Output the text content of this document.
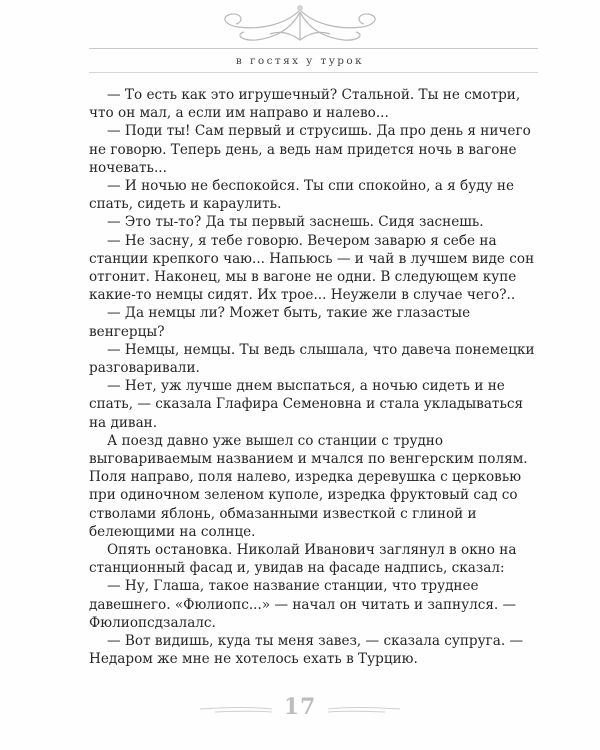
в гостях у турок

— То есть как это игрушечный? Стальной. Ты не смотри, что он мал, а если им направо и налево...

— Поди ты! Сам первый и струсишь. Да про день я ничего не говорю. Теперь день, а ведь нам придется ночь в вагоне ночевать...

— И ночью не беспокойся. Ты спи спокойно, а я буду не спать, сидеть и караулить.

— Это ты-то? Да ты первый заснешь. Сидя заснешь.

— Не засну, я тебе говорю. Вечером заварю я себе на станции крепкого чаю... Напьюсь — и чай в лучшем виде сон отгонит. Наконец, мы в вагоне не одни. В следующем купе какие-то немцы сидят. Их трое... Неужели в случае чего?..

— Да немцы ли? Может быть, такие же глазастые венгерцы?

— Немцы, немцы. Ты ведь слышала, что давеча понемецки разговаривали.

— Нет, уж лучше днем выспаться, а ночью сидеть и не спать, — сказала Глафира Семеновна и стала укладываться на диван.

А поезд давно уже вышел со станции с трудно выговариваемым названием и мчался по венгерским полям. Поля направо, поля налево, изредка деревушка с церковью при одиночном зеленом куполе, изредка фруктовый сад со стволами яблонь, обмазанными известкой с глиной и белеющими на солнце.

Опять остановка. Николай Иванович заглянул в окно на станционный фасад и, увидав на фасаде надпись, сказал:

— Ну, Глаша, такое название станции, что труднее давешнего. «Фюлиопс...» — начал он читать и запнулся. — Фюлиопсдзалалс.

— Вот видишь, куда ты меня завез, — сказала супруга. — Недаром же мне не хотелось ехать в Турцию.

17
